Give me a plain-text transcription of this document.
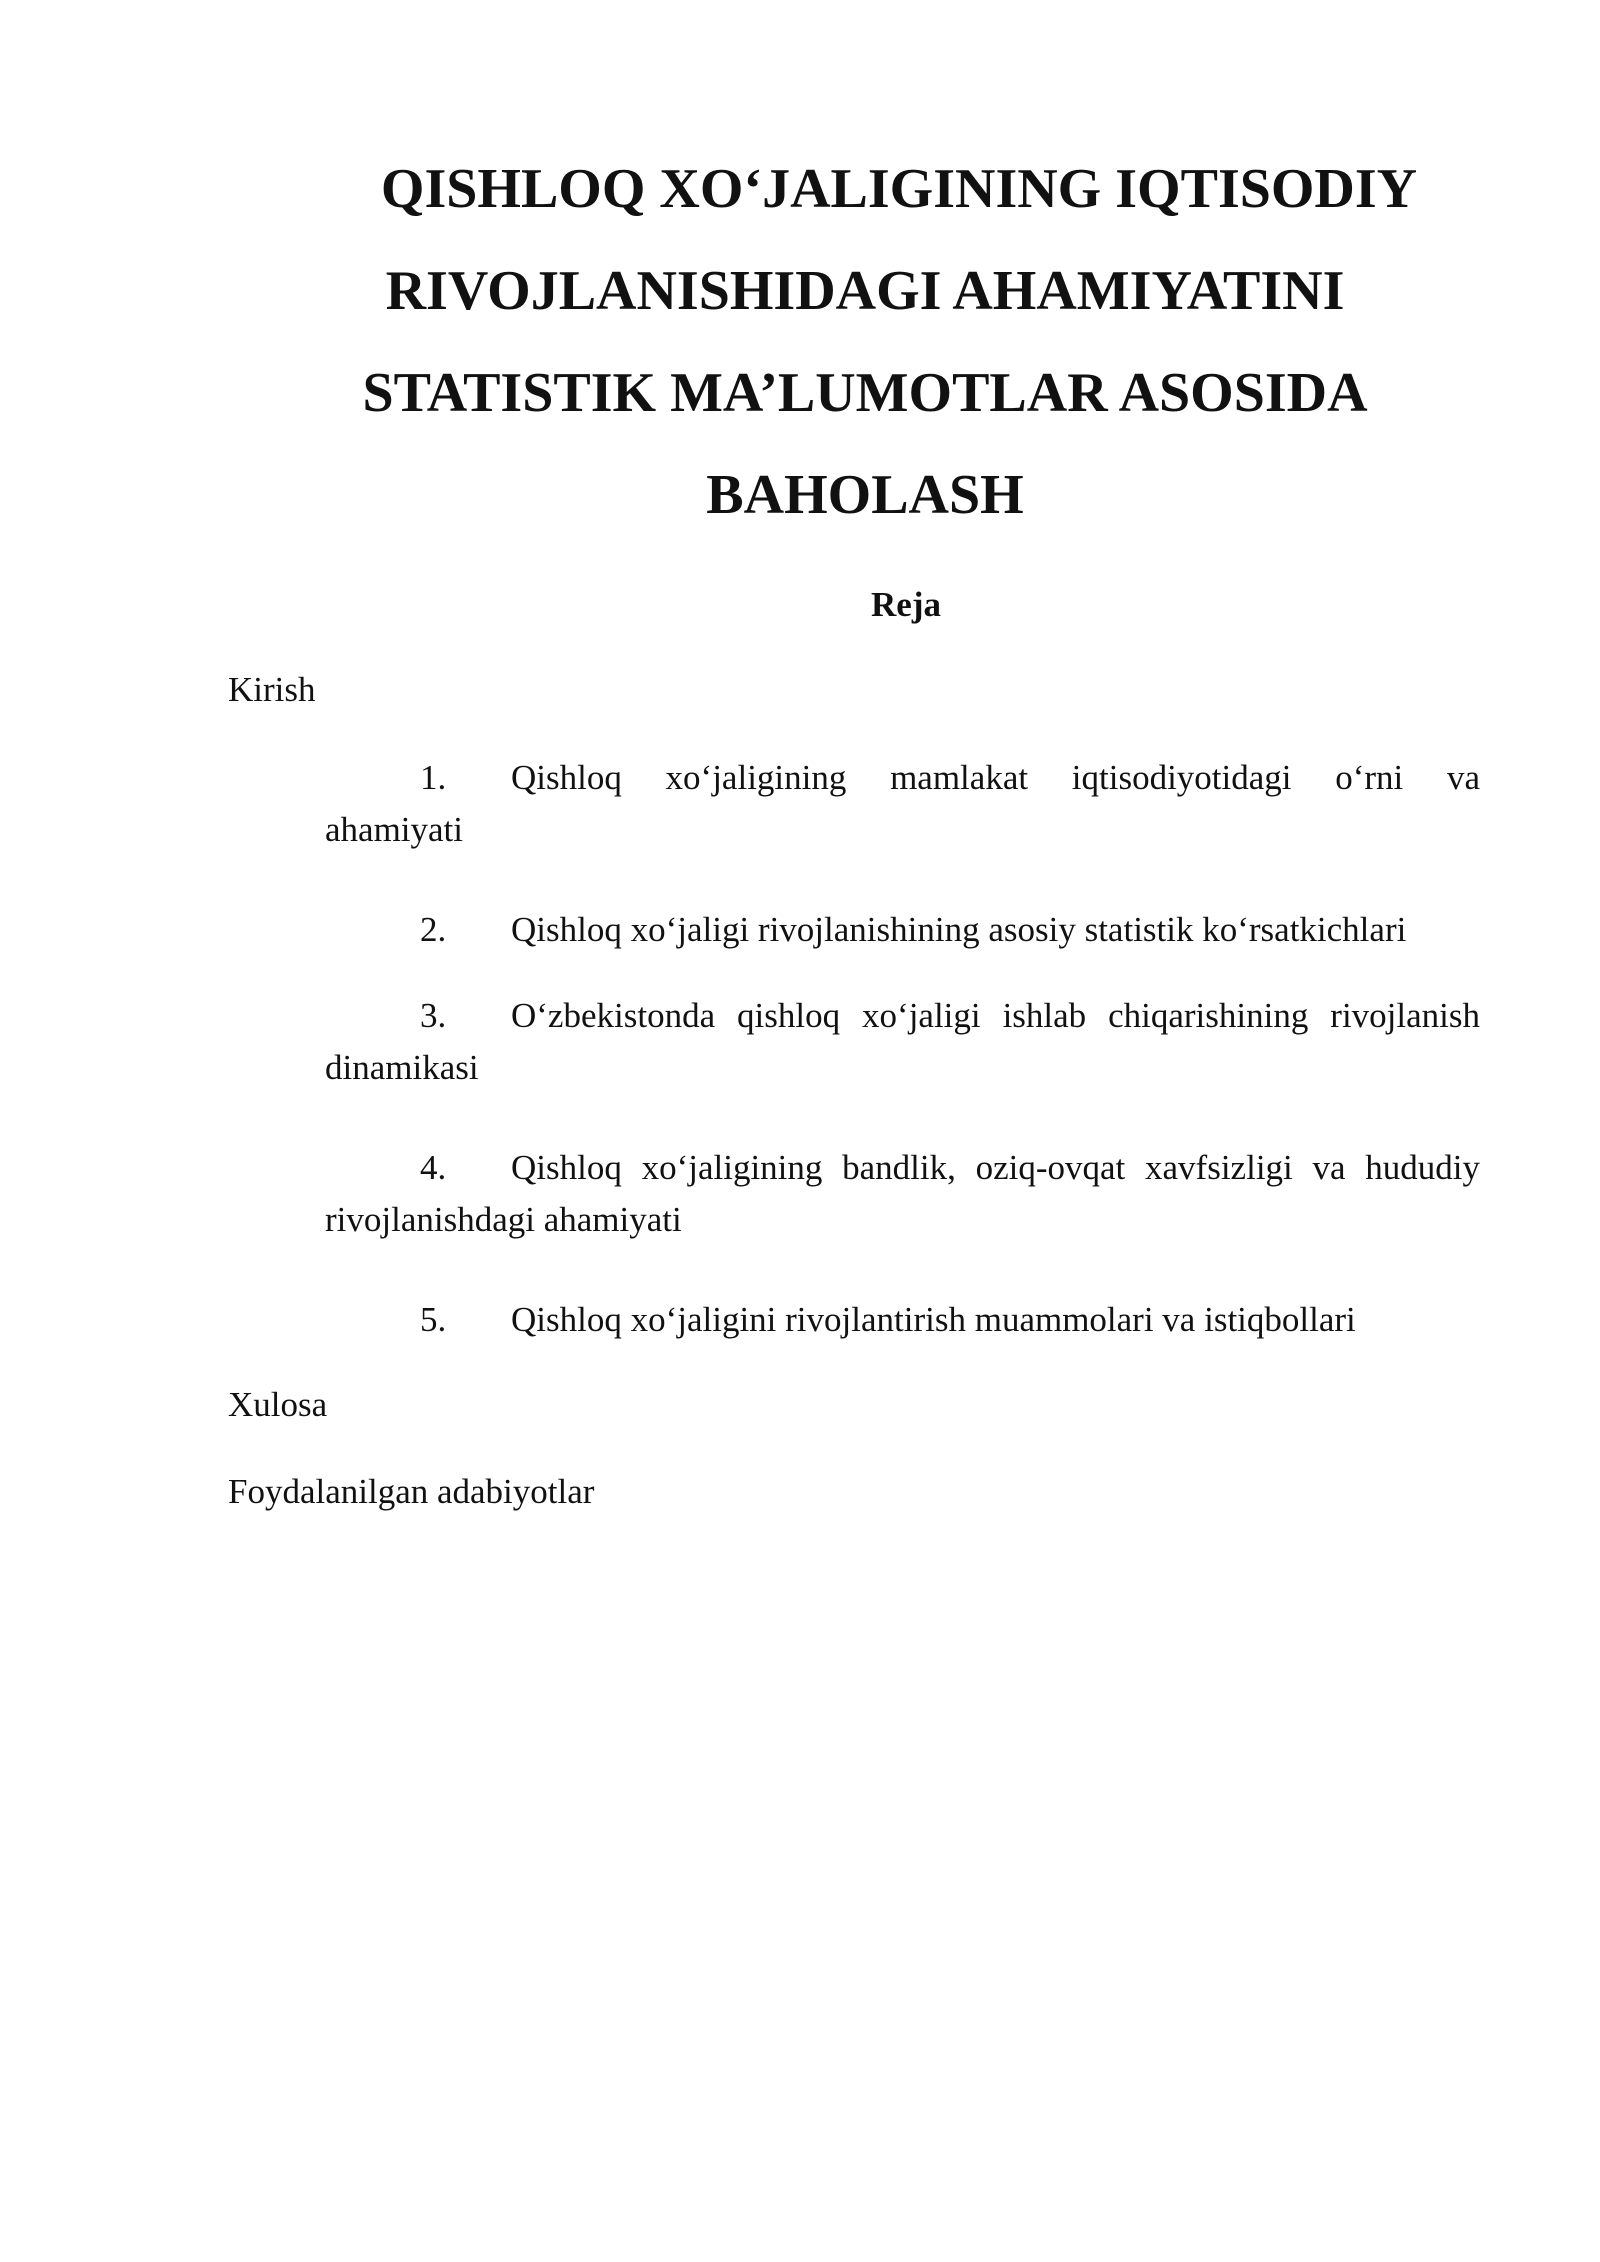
QISHLOQ XO‘JALIGINING IQTISODIY
RIVOJLANISHIDAGI AHAMIYATINI
STATISTIK MA’LUMOTLAR ASOSIDA
BAHOLASH

Reja

Kirish

1.	Qishloq xo‘jaligining mamlakat iqtisodiyotidagi o‘rni va
ahamiyati
2.	Qishloq xo‘jaligi rivojlanishining asosiy statistik ko‘rsatkichlari
3.	O‘zbekistonda qishloq xo‘jaligi ishlab chiqarishining rivojlanish
dinamikasi
4.	Qishloq xo‘jaligining bandlik, oziq-ovqat xavfsizligi va hududiy
rivojlanishdagi ahamiyati
5.	Qishloq xo‘jaligini rivojlantirish muammolari va istiqbollari

Xulosa

Foydalanilgan adabiyotlar
